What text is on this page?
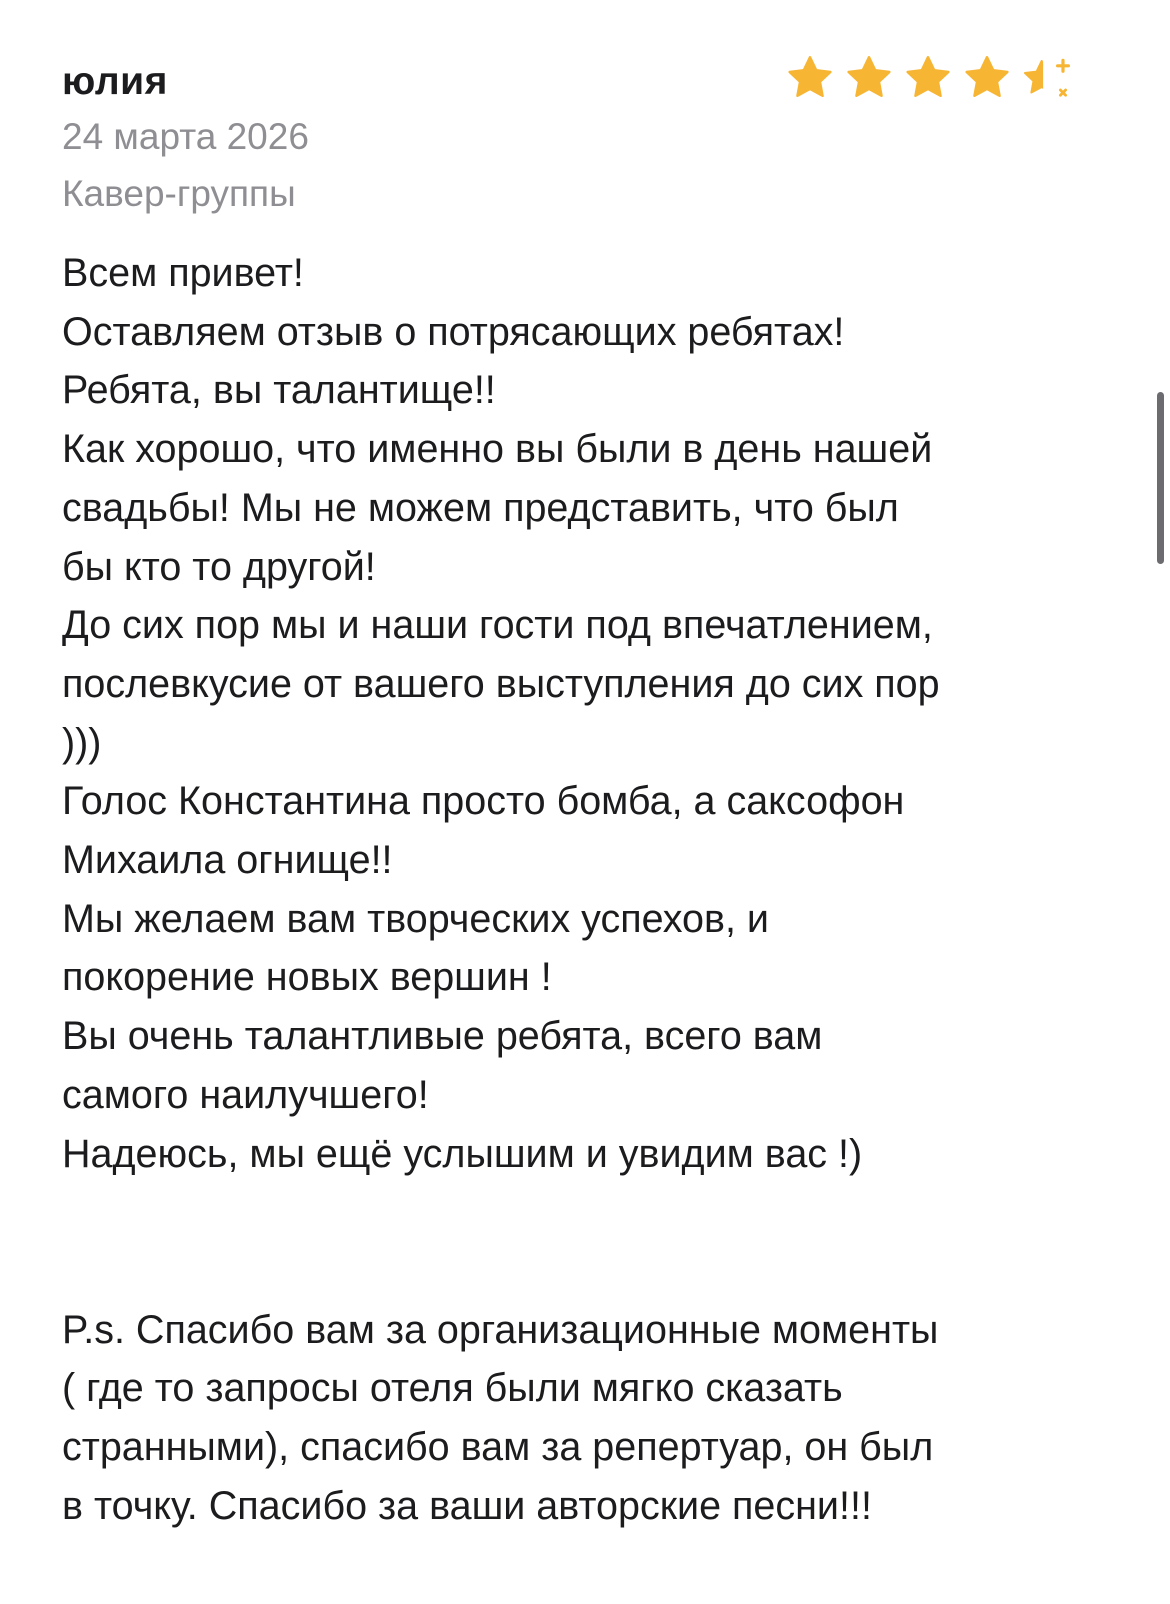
юлия
24 марта 2026
Кавер-группы
Всем привет!
Оставляем отзыв о потрясающих ребятах!
Ребята, вы талантище!!
Как хорошо, что именно вы были в день нашей
свадьбы! Мы не можем представить, что был
бы кто то другой!
До сих пор мы и наши гости под впечатлением,
послевкусие от вашего выступления до сих пор
)))
Голос Константина просто бомба, а саксофон
Михаила огнище!!
Мы желаем вам творческих успехов, и
покорение новых вершин !
Вы очень талантливые ребята, всего вам
самого наилучшего!
Надеюсь, мы ещё услышим и увидим вас !)
P.s. Спасибо вам за организационные моменты
( где то запросы отеля были мягко сказать
странными), спасибо вам за репертуар, он был
в точку. Спасибо за ваши авторские песни!!!
